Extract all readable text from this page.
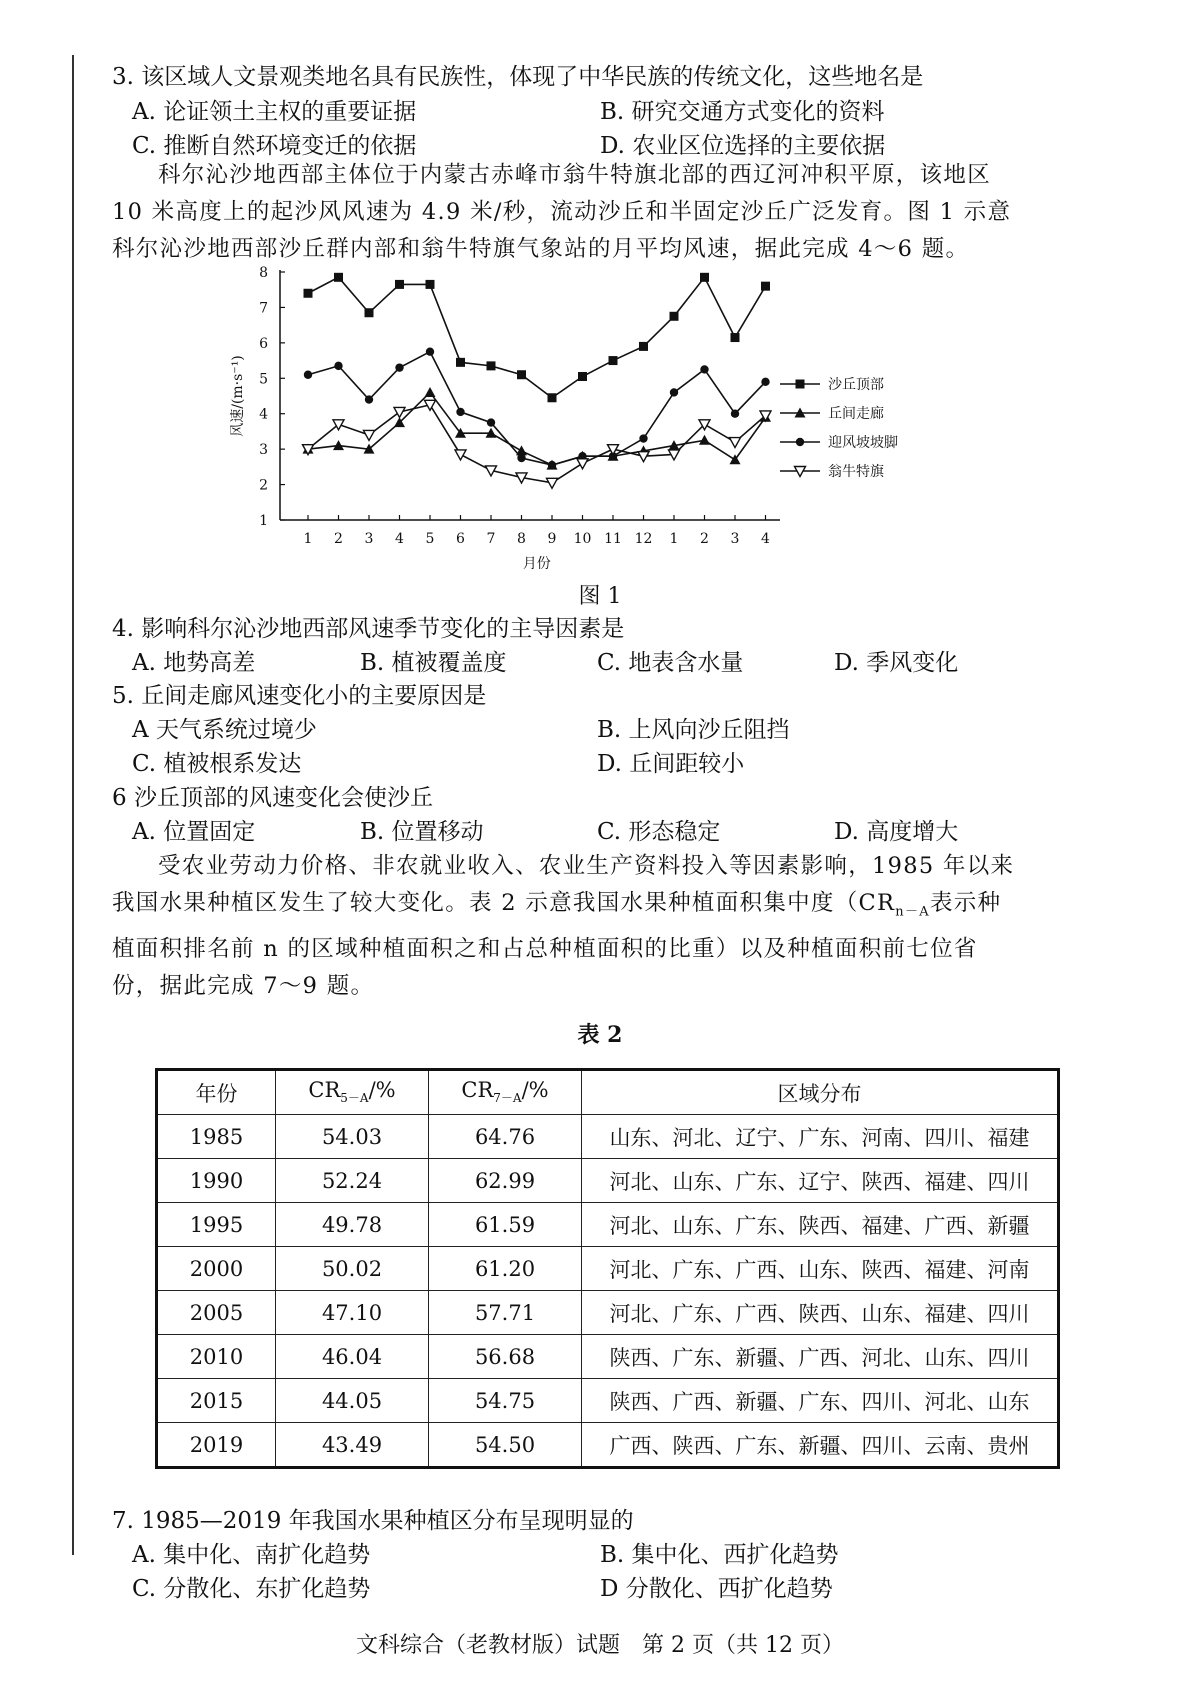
3. 该区域人文景观类地名具有民族性，体现了中华民族的传统文化，这些地名是
A. 论证领土主权的重要证据	B. 研究交通方式变化的资料
C. 推断自然环境变迁的依据	D. 农业区位选择的主要依据
科尔沁沙地西部主体位于内蒙古赤峰市翁牛特旗北部的西辽河冲积平原，该地区 10 米高度上的起沙风风速为 4.9 米/秒，流动沙丘和半固定沙丘广泛发育。图 1 示意科尔沁沙地西部沙丘群内部和翁牛特旗气象站的月平均风速，据此完成 4～6 题。
1
2
3
4
5
6
7
8
1 2 3 4 5 6 7 8 9 10 11 12 1 2 3 4
月份
风速/(m·s⁻¹)	沙丘顶部
丘间走廊
迎风坡坡脚
翁牛特旗
图 1
4. 影响科尔沁沙地西部风速季节变化的主导因素是
A. 地势高差	B. 植被覆盖度	C. 地表含水量	D. 季风变化
5. 丘间走廊风速变化小的主要原因是
A 天气系统过境少	B. 上风向沙丘阻挡
C. 植被根系发达	D. 丘间距较小
6 沙丘顶部的风速变化会使沙丘
A. 位置固定	B. 位置移动	C. 形态稳定	D. 高度增大
受农业劳动力价格、非农就业收入、农业生产资料投入等因素影响，1985 年以来我国水果种植区发生了较大变化。表 2 示意我国水果种植面积集中度（$CR_{n-A}$表示种植面积排名前 n 的区域种植面积之和占总种植面积的比重）以及种植面积前七位省份，据此完成 7～9 题。
表 2
年份	$CR_{5-A}/\%$	$CR_{7-A}/\%$	区域分布
1985	54.03	64.76	山东、河北、辽宁、广东、河南、四川、福建
1990	52.24	62.99	河北、山东、广东、辽宁、陕西、福建、四川
1995	49.78	61.59	河北、山东、广东、陕西、福建、广西、新疆
2000	50.02	61.20	河北、广东、广西、山东、陕西、福建、河南
2005	47.10	57.71	河北、广东、广西、陕西、山东、福建、四川
2010	46.04	56.68	陕西、广东、新疆、广西、河北、山东、四川
2015	44.05	54.75	陕西、广西、新疆、广东、四川、河北、山东
2019	43.49	54.50	广西、陕西、广东、新疆、四川、云南、贵州
7. 1985—2019 年我国水果种植区分布呈现明显的
A. 集中化、南扩化趋势	B. 集中化、西扩化趋势
C. 分散化、东扩化趋势	D 分散化、西扩化趋势
文科综合（老教材版）试题　第 2 页（共 12 页）
